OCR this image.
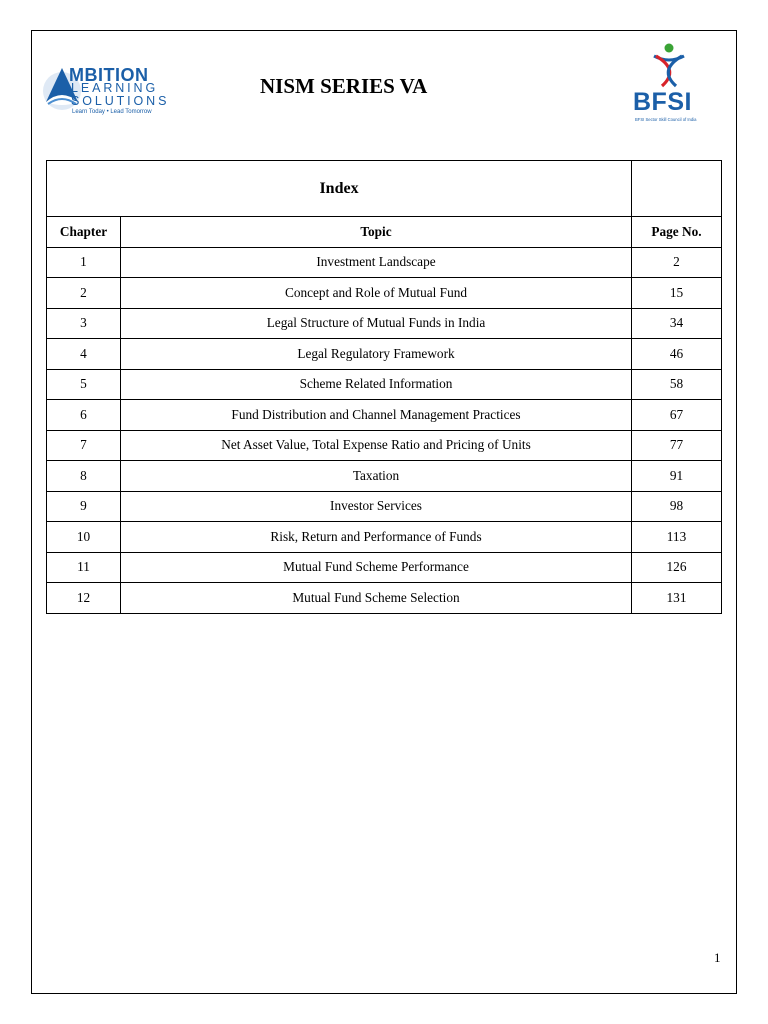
MBITION
LEARNING
SOLUTIONS
Learn Today • Lead Tomorrow
NISM SERIES VA
BFSI
BFSI Sector Skill Council of India
Index		
Chapter	Topic	Page No.
1	Investment Landscape	2
2	Concept and Role of Mutual Fund	15
3	Legal Structure of Mutual Funds in India	34
4	Legal Regulatory Framework	46
5	Scheme Related Information	58
6	Fund Distribution and Channel Management Practices	67
7	Net Asset Value, Total Expense Ratio and Pricing of Units	77
8	Taxation	91
9	Investor Services	98
10	Risk, Return and Performance of Funds	113
11	Mutual Fund Scheme Performance	126
12	Mutual Fund Scheme Selection	131
1
